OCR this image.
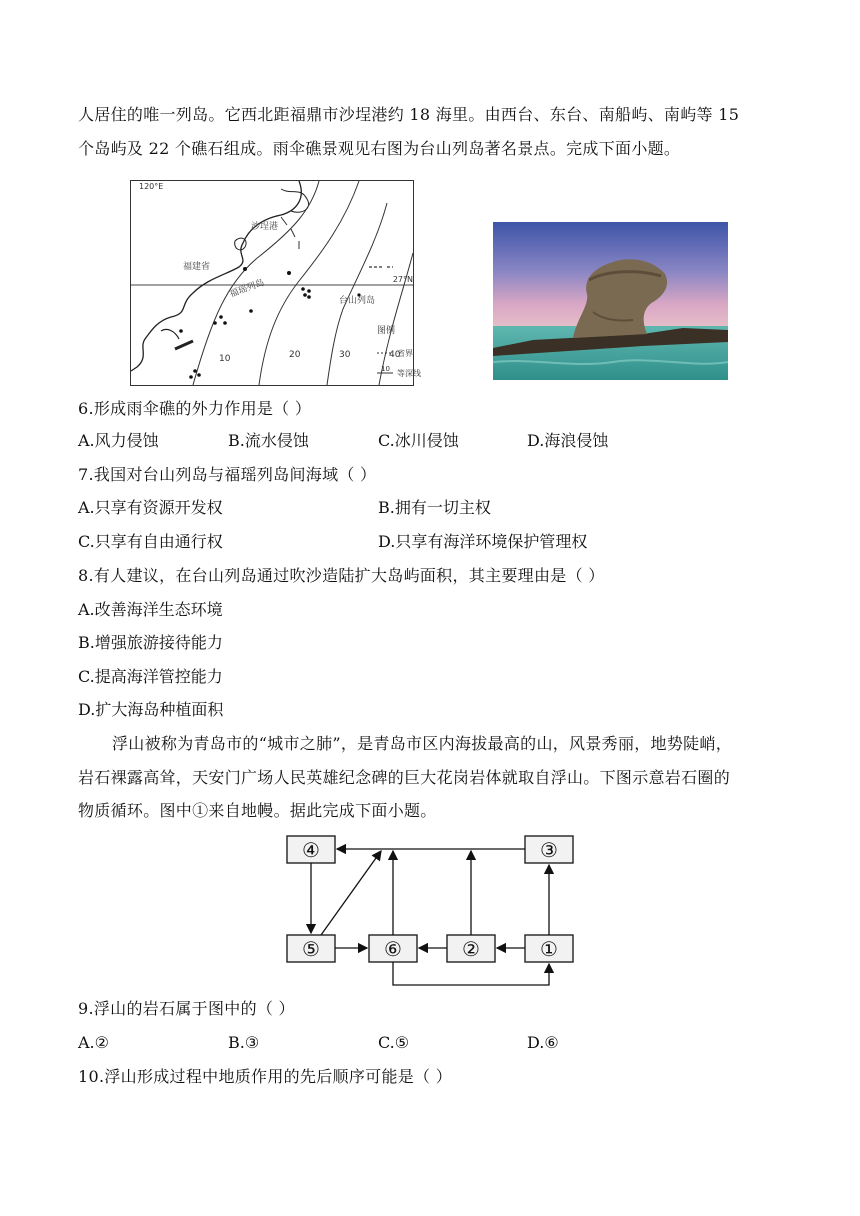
人居住的唯一列岛。它西北距福鼎市沙埕港约 18 海里。由西台、东台、南船屿、南屿等 15
个岛屿及 22 个礁石组成。雨伞礁景观见右图为台山列岛著名景点。完成下面小题。
120°E
27°N
福建省
沙埕港
福瑶列岛
台山列岛
10	20	30	40
图例
省界
10 等深线
6.形成雨伞礁的外力作用是（ ）
A.风力侵蚀	B.流水侵蚀	C.冰川侵蚀	D.海浪侵蚀
7.我国对台山列岛与福瑶列岛间海域（ ）
A.只享有资源开发权	B.拥有一切主权
C.只享有自由通行权	D.只享有海洋环境保护管理权
8.有人建议，在台山列岛通过吹沙造陆扩大岛屿面积，其主要理由是（ ）
A.改善海洋生态环境
B.增强旅游接待能力
C.提高海洋管控能力
D.扩大海岛种植面积
浮山被称为青岛市的“城市之肺”，是青岛市区内海拔最高的山，风景秀丽，地势陡峭，
岩石裸露高耸，天安门广场人民英雄纪念碑的巨大花岗岩体就取自浮山。下图示意岩石圈的
物质循环。图中①来自地幔。据此完成下面小题。
④	③
⑤	⑥	②	①
9.浮山的岩石属于图中的（ ）
A.②	B.③	C.⑤	D.⑥
10.浮山形成过程中地质作用的先后顺序可能是（ ）
